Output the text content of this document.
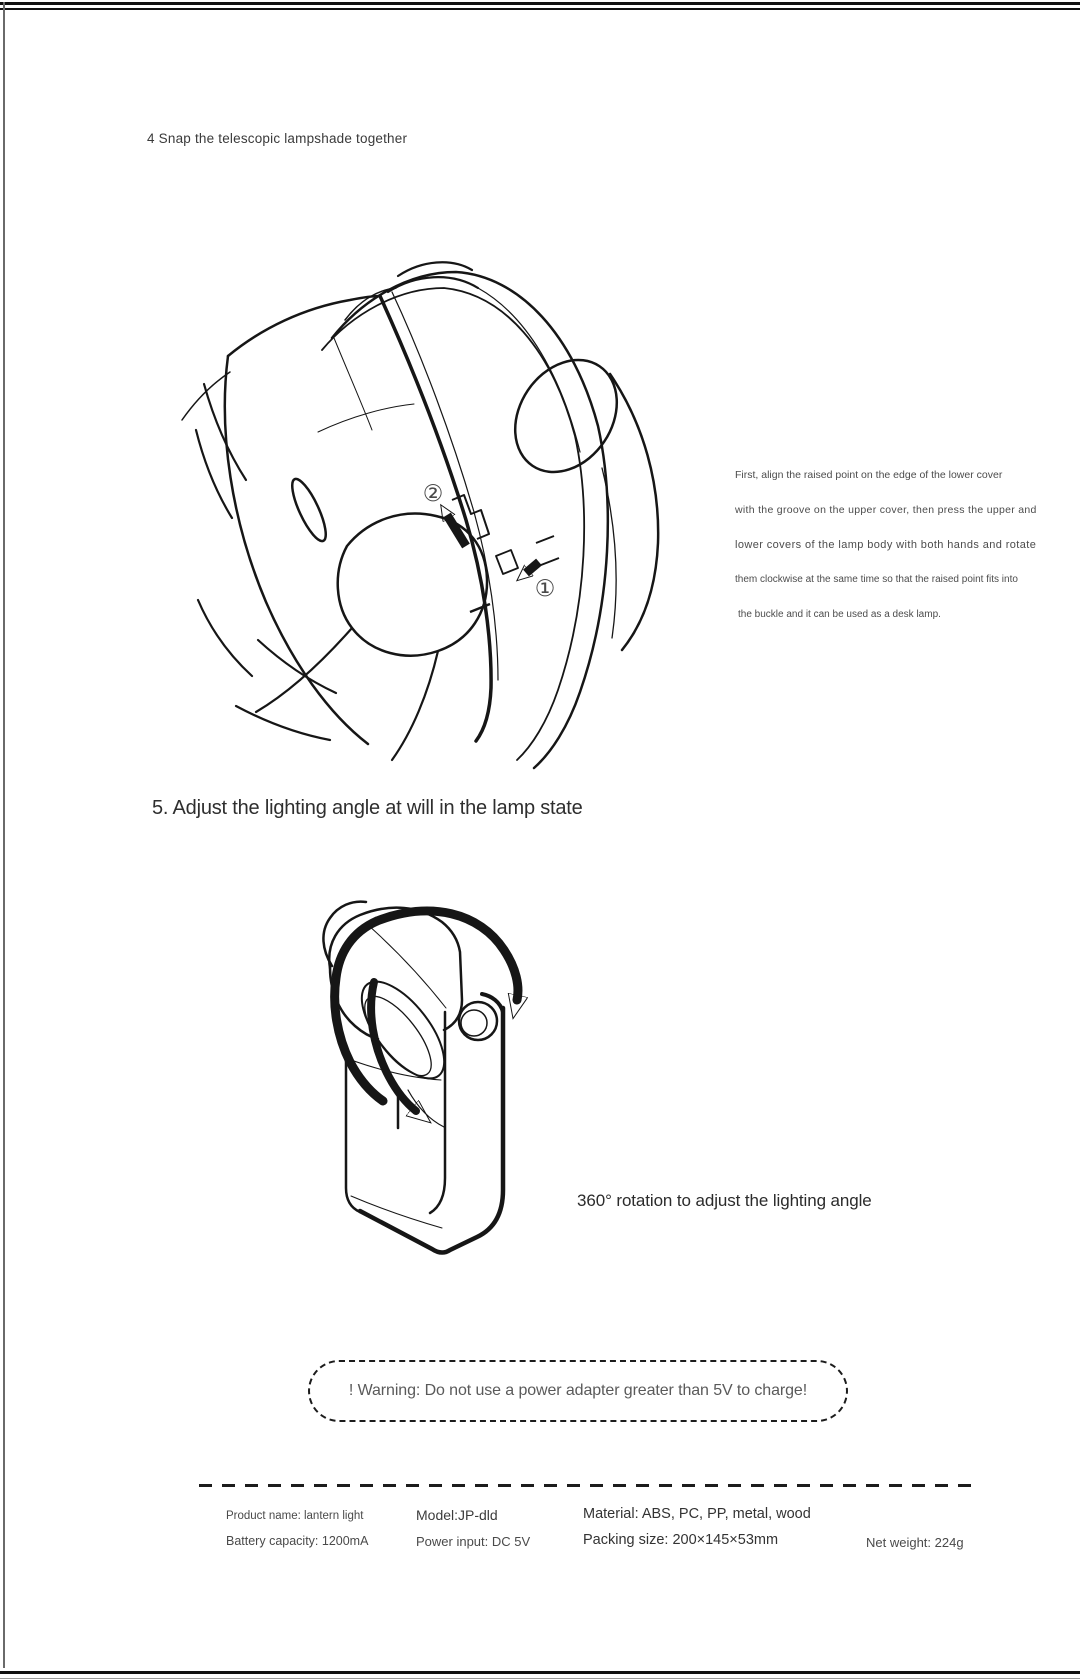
4 Snap the telescopic lampshade together
②
①
First, align the raised point on the edge of the lower cover
with the groove on the upper cover, then press the upper and
lower covers of the lamp body with both hands and rotate
them clockwise at the same time so that the raised point fits into
the buckle and it can be used as a desk lamp.
5. Adjust the lighting angle at will in the lamp state
360° rotation to adjust the lighting angle
! Warning: Do not use a power adapter greater than 5V to charge!
Product name: lantern light
Battery capacity: 1200mA
Model:JP-dld
Power input: DC 5V
Material: ABS, PC, PP, metal, wood
Packing size: 200×145×53mm	Net weight: 224g
